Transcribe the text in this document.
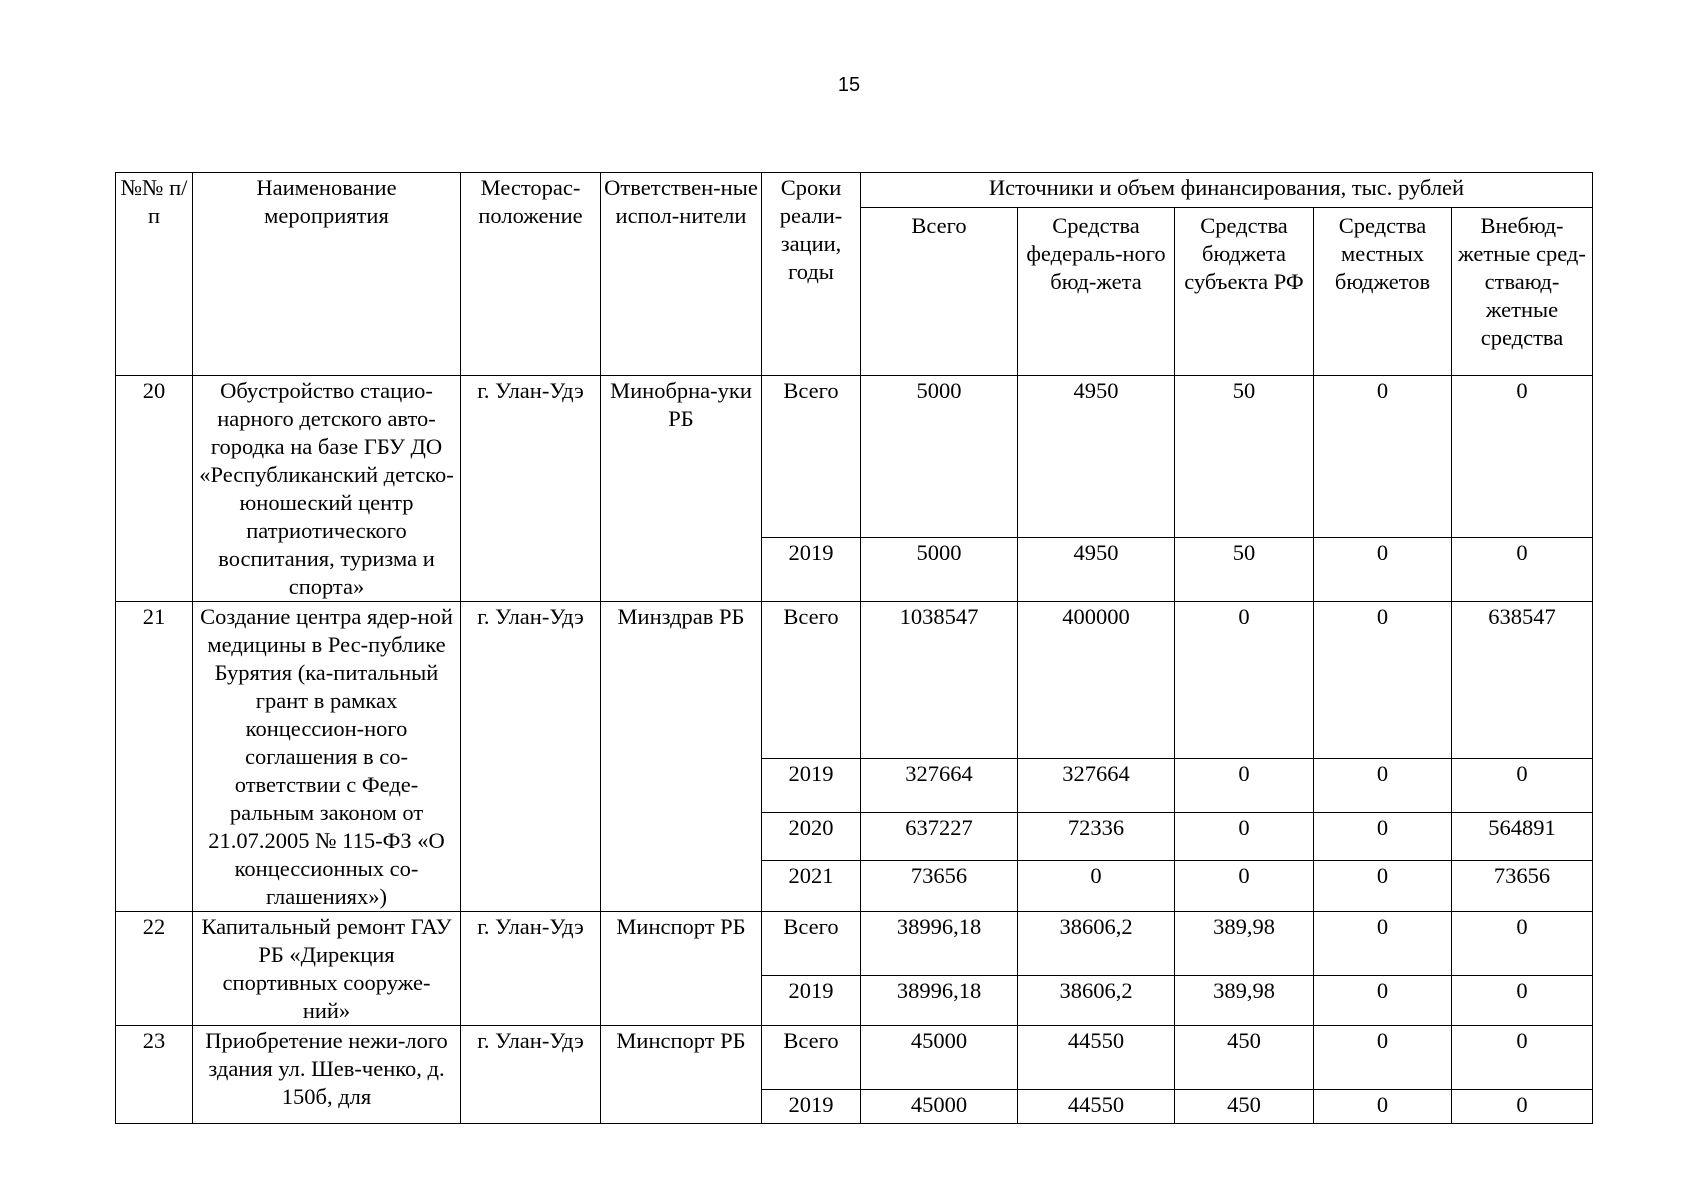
15
№№ п/п	Наименование мероприятия	Месторас-положение	Ответствен-ные испол-нители	Сроки реали-зации, годы	Источники и объем финансирования, тыс. рублей				
					Всего	Средства федераль-ного бюд-жета	Средства бюджета субъекта РФ	Средства местных бюджетов	Внебюд-жетные сред-стваюд-жетные средства
20	Обустройство стацио-нарного детского авто-городка на базе ГБУ ДО «Республиканский детско-юношеский центр патриотического воспитания, туризма и спорта»	г. Улан-Удэ	Минобрна-уки РБ	Всего	5000	4950	50	0	0
				2019	5000	4950	50	0	0
21	Создание центра ядер-ной медицины в Рес-публике Бурятия (ка-питальный грант в рамках концессион-ного соглашения в со-ответствии с Феде-ральным законом от 21.07.2005 № 115-ФЗ «О концессионных со-глашениях»)	г. Улан-Удэ	Минздрав РБ	Всего	1038547	400000	0	0	638547
				2019	327664	327664	0	0	0
				2020	637227	72336	0	0	564891
				2021	73656	0	0	0	73656
22	Капитальный ремонт ГАУ РБ «Дирекция спортивных сооруже-ний»	г. Улан-Удэ	Минспорт РБ	Всего	38996,18	38606,2	389,98	0	0
				2019	38996,18	38606,2	389,98	0	0
23	Приобретение нежи-лого здания ул. Шев-ченко, д. 150б, для	г. Улан-Удэ	Минспорт РБ	Всего	45000	44550	450	0	0
				2019	45000	44550	450	0	0
